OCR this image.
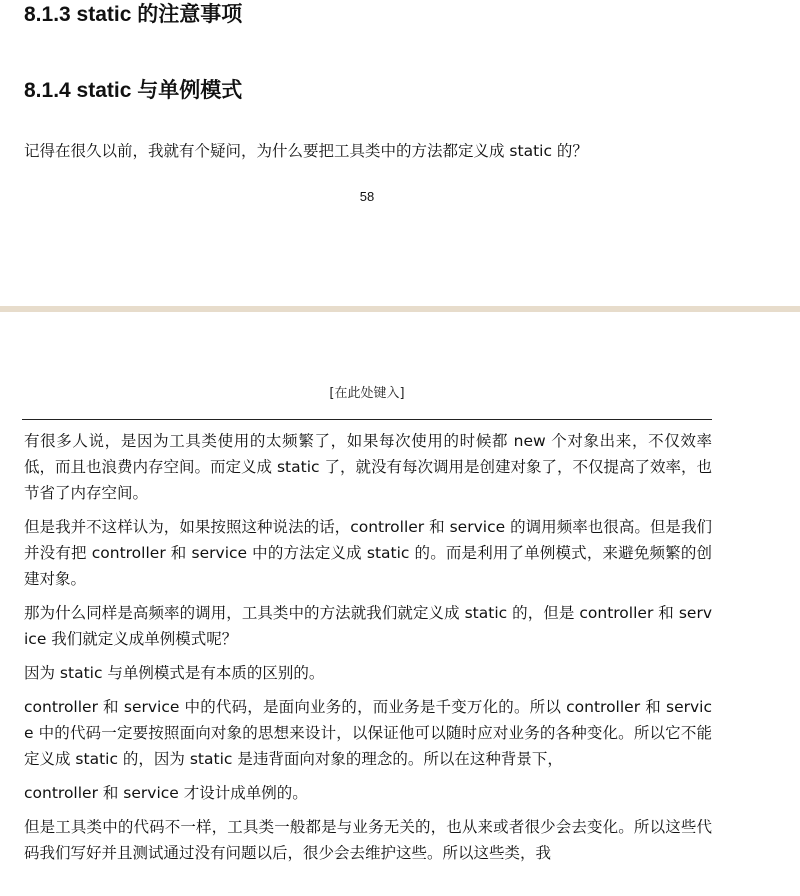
8.1.3 static 的注意事项
8.1.4 static 与单例模式

记得在很久以前，我就有个疑问，为什么要把工具类中的方法都定义成 static 的？

58
[在此处键入]

有很多人说，是因为工具类使用的太频繁了，如果每次使用的时候都 new 个对象出来，不仅效率低，而且也浪费内存空间。而定义成 static 了，就没有每次调用是创建对象了，不仅提高了效率，也节省了内存空间。

但是我并不这样认为，如果按照这种说法的话，controller 和 service 的调用频率也很高。但是我们并没有把 controller 和 service 中的方法定义成 static 的。而是利用了单例模式，来避免频繁的创建对象。

那为什么同样是高频率的调用，工具类中的方法就我们就定义成 static 的，但是 controller 和 service 我们就定义成单例模式呢？

因为 static 与单例模式是有本质的区别的。

controller 和 service 中的代码，是面向业务的，而业务是千变万化的。所以 controller 和 service 中的代码一定要按照面向对象的思想来设计，以保证他可以随时应对业务的各种变化。所以它不能定义成 static 的，因为 static 是违背面向对象的理念的。所以在这种背景下，

controller 和 service 才设计成单例的。

但是工具类中的代码不一样，工具类一般都是与业务无关的，也从来或者很少会去变化。所以这些代码我们写好并且测试通过没有问题以后，很少会去维护这些。所以这些类，我
